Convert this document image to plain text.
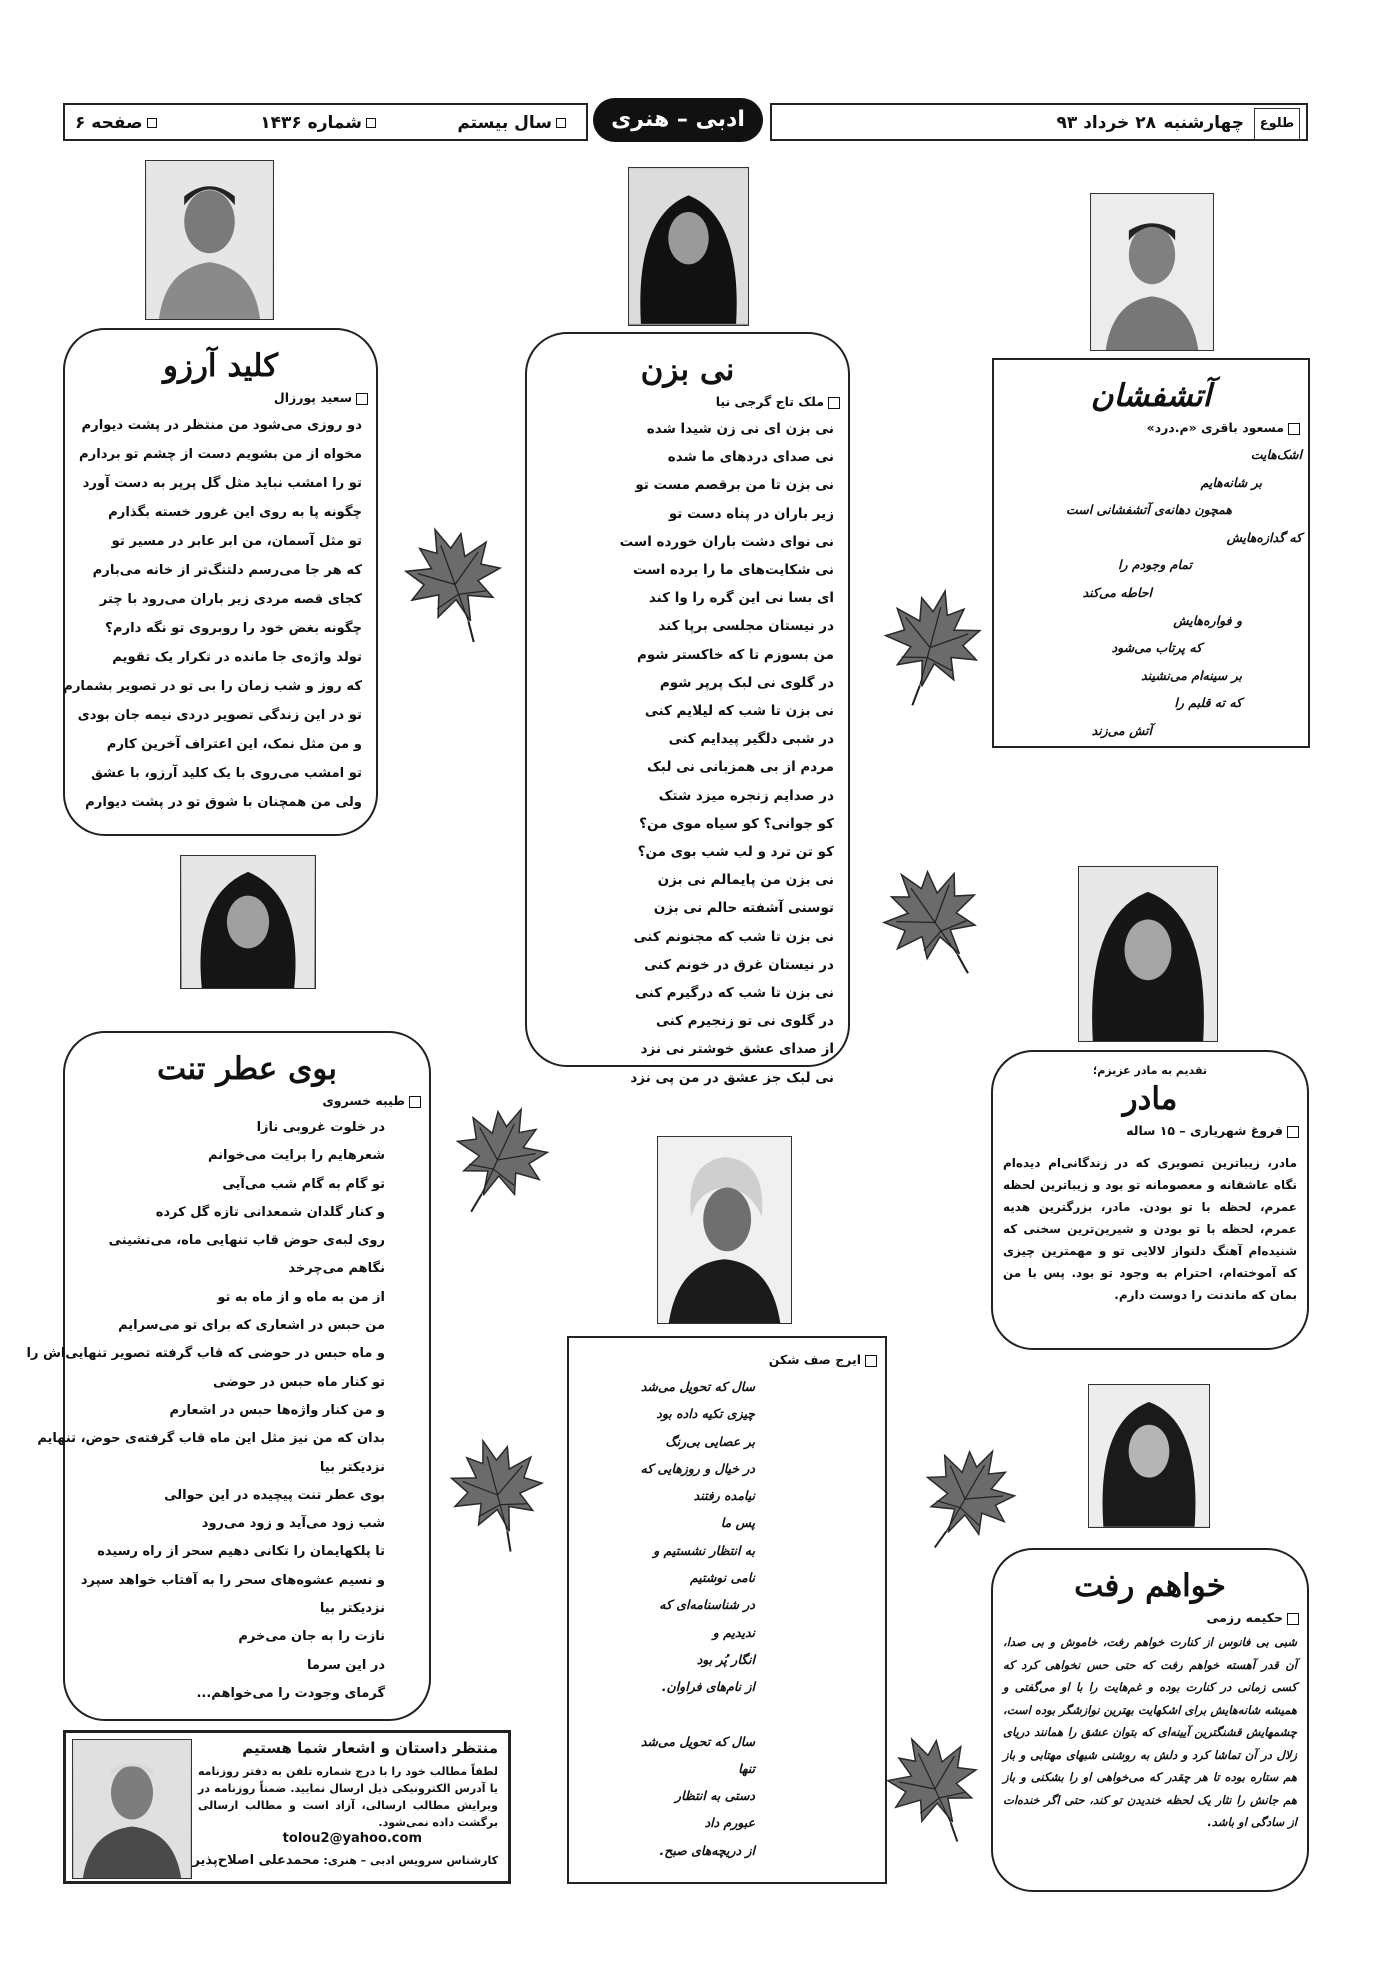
طلوع
چهارشنبه
۲۸ خرداد ۹۳
ادبی – هنری
سال بیستم
شماره ۱۴۳۶
صفحه ۶
کلید آرزو
سعید پورزال
دو روزی می‌شود من منتظر در پشت دیوارم
مخواه از من بشویم دست از چشم تو بردارم
تو را امشب نباید مثل گل پرپر به دست آورد
چگونه پا به روی این غرور خسته بگذارم
تو مثل آسمان، من ابر عابر در مسیر تو
که هر جا می‌رسم دلتنگ‌تر از خانه می‌بارم
کجای قصه مردی زیر باران می‌رود با چتر
چگونه بغض خود را روبروی تو نگه دارم؟
تولد واژه‌ی جا مانده در تکرار یک تقویم
که روز و شب زمان را بی تو در تصویر بشمارم
تو در این زندگی تصویر دردی نیمه جان بودی
و من مثل نمک، این اعتراف آخرین کارم
تو امشب می‌روی با یک کلید آرزو، با عشق
ولی من همچنان با شوق تو در پشت دیوارم
نی بزن
ملک تاج گرجی نیا
نی بزن ای نی زن شیدا شده
نی صدای دردهای ما شده
نی بزن تا من برقصم مست تو
زیر باران در پناه دست تو
نی نوای دشت باران خورده است
نی شکایت‌های ما را برده است
ای بسا نی این گره را وا کند
در نیستان مجلسی برپا کند
من بسوزم تا که خاکستر شوم
در گلوی نی لبک پرپر شوم
نی بزن تا شب که لیلایم کنی
در شبی دلگیر پیدایم کنی
مردم از بی همزبانی نی لبک
در صدایم زنجره میزد شتک
کو جوانی؟ کو سیاه موی من؟
کو تن ترد و لب شب بوی من؟
نی بزن من پایمالم نی بزن
توسنی آشفته حالم نی بزن
نی بزن تا شب که مجنونم کنی
در نیستان غرق در خونم کنی
نی بزن تا شب که درگیرم کنی
در گلوی نی تو زنجیرم کنی
از صدای عشق خوشتر نی نزد
نی لبک جز عشق در من پی نزد
آتشفشان
مسعود باقری «م.درد»
اشک‌هایت
بر شانه‌هایم
همچون دهانه‌ی آتشفشانی است
که گدازه‌هایش
تمام وجودم را
احاطه می‌کند
و فواره‌هایش
که پرتاب می‌شود
بر سینه‌ام می‌نشیند
که ته قلبم را
آتش می‌زند
بوی عطر تنت
طیبه خسروی
در خلوت غروبی نازا
شعرهایم را برایت می‌خوانم
تو گام به گام شب می‌آیی
و کنار گلدان شمعدانی تازه گل کرده
روی لبه‌ی حوض قاب تنهایی ماه، می‌نشینی
نگاهم می‌چرخد
از من به ماه و از ماه به تو
من حبس در اشعاری که برای تو می‌سرایم
و ماه حبس در حوضی که قاب گرفته تصویر تنهایی‌اش را
تو کنار ماه حبس در حوضی
و من کنار واژه‌ها حبس در اشعارم
بدان که من نیز مثل این ماه قاب گرفته‌ی حوض، تنهایم
نزدیکتر بیا
بوی عطر تنت پیچیده در این حوالی
شب زود می‌آید و زود می‌رود
تا پلکهایمان را تکانی دهیم سحر از راه رسیده
و نسیم عشوه‌های سحر را به آفتاب خواهد سپرد
نزدیکتر بیا
نازت را به جان می‌خرم
در این سرما
گرمای وجودت را می‌خواهم...
ایرج صف شکن
سال که تحویل می‌شد
چیزی تکیه داده بود
بر عصایی بی‌رنگ
در خیال و روزهایی که
نیامده رفتند
پس ما
به انتظار نشستیم و
نامی نوشتیم
در شناسنامه‌ای که
ندیدیم و
انگار پُر بود
از نام‌های فراوان.
سال که تحویل می‌شد
تنها
دستی به انتظار
عبورم داد
از دریچه‌های صبح.
تقدیم به مادر عزیزم؛
مادر
فروغ شهریاری – ۱۵ ساله
مادر، زیباترین تصویری که در زندگانی‌ام دیده‌ام نگاه عاشقانه و معصومانه تو بود و زیباترین لحظه عمرم، لحظه با تو بودن. مادر، بزرگترین هدیه عمرم، لحظه با تو بودن و شیرین‌ترین سخنی که شنیده‌ام آهنگ دلنواز لالایی تو و مهمترین چیزی که آموخته‌ام، احترام به وجود تو بود. پس با من بمان که ماندنت را دوست دارم.
خواهم رفت
حکیمه رزمی
شبی بی فانوس از کنارت خواهم رفت، خاموش و بی صدا، آن قدر آهسته خواهم رفت که حتی حس نخواهی کرد که کسی زمانی در کنارت بوده و غم‌هایت را با او می‌گفتی و همیشه شانه‌هایش برای اشکهایت بهترین نوازشگر بوده است، چشمهایش قشنگترین آیینه‌ای که بتوان عشق را همانند دریای زلال در آن تماشا کرد و دلش به روشنی شبهای مهتابی و باز هم ستاره بوده تا هر چقدر که می‌خواهی او را بشکنی و باز هم جانش را نثار یک لحظه خندیدن تو کند، حتی اگر خنده‌ات از سادگی او باشد.
منتظر داستان و اشعار شما هستیم
لطفاً مطالب خود را با درج شماره تلفن به دفتر روزنامه یا آدرس الکترونیکی ذیل ارسال نمایید. ضمناً روزنامه در ویرایش مطالب ارسالی، آزاد است و مطالب ارسالی برگشت داده نمی‌شود.
tolou2@yahoo.com
کارشناس سرویس ادبی – هنری: محمدعلی اصلاح‌پذیر
